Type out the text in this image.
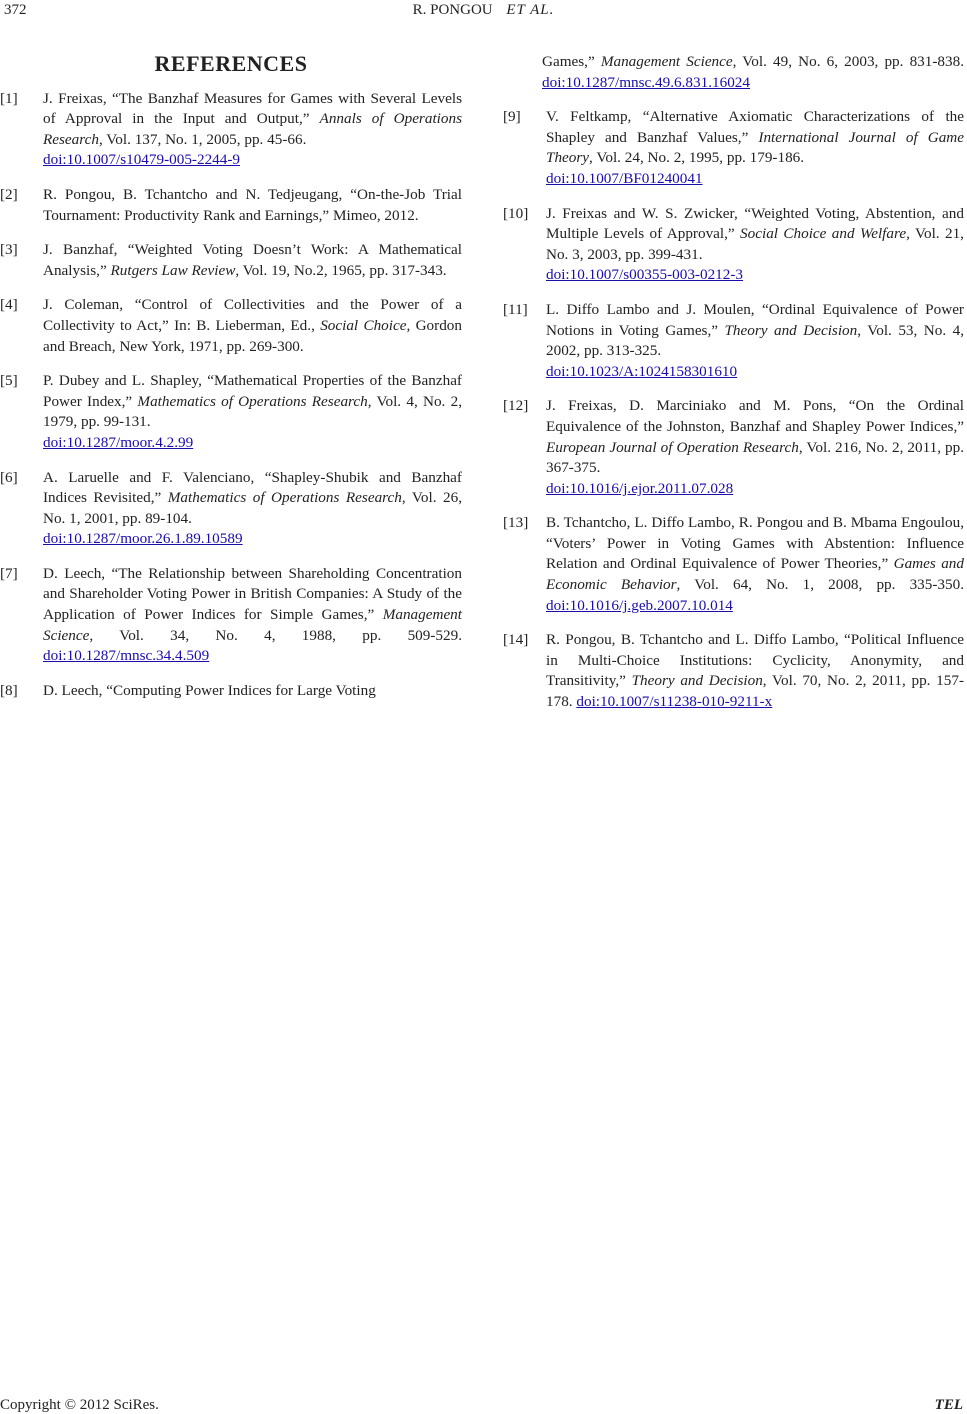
372	R. PONGOU ET AL.
REFERENCES
[1] J. Freixas, “The Banzhaf Measures for Games with Several Levels of Approval in the Input and Output,” Annals of Operations Research, Vol. 137, No. 1, 2005, pp. 45-66.
doi:10.1007/s10479-005-2244-9
[2] R. Pongou, B. Tchantcho and N. Tedjeugang, “On-the-Job Trial Tournament: Productivity Rank and Earnings,” Mimeo, 2012.
[3] J. Banzhaf, “Weighted Voting Doesn’t Work: A Mathematical Analysis,” Rutgers Law Review, Vol. 19, No.2, 1965, pp. 317-343.
[4] J. Coleman, “Control of Collectivities and the Power of a Collectivity to Act,” In: B. Lieberman, Ed., Social Choice, Gordon and Breach, New York, 1971, pp. 269-300.
[5] P. Dubey and L. Shapley, “Mathematical Properties of the Banzhaf Power Index,” Mathematics of Operations Research, Vol. 4, No. 2, 1979, pp. 99-131.
doi:10.1287/moor.4.2.99
[6] A. Laruelle and F. Valenciano, “Shapley-Shubik and Banzhaf Indices Revisited,” Mathematics of Operations Research, Vol. 26, No. 1, 2001, pp. 89-104.
doi:10.1287/moor.26.1.89.10589
[7] D. Leech, “The Relationship between Shareholding Concentration and Shareholder Voting Power in British Companies: A Study of the Application of Power Indices for Simple Games,” Management Science, Vol. 34, No. 4, 1988, pp. 509-529. doi:10.1287/mnsc.34.4.509
[8] D. Leech, “Computing Power Indices for Large Voting
Games,” Management Science, Vol. 49, No. 6, 2003, pp. 831-838. doi:10.1287/mnsc.49.6.831.16024
[9] V. Feltkamp, “Alternative Axiomatic Characterizations of the Shapley and Banzhaf Values,” International Journal of Game Theory, Vol. 24, No. 2, 1995, pp. 179-186.
doi:10.1007/BF01240041
[10] J. Freixas and W. S. Zwicker, “Weighted Voting, Abstention, and Multiple Levels of Approval,” Social Choice and Welfare, Vol. 21, No. 3, 2003, pp. 399-431.
doi:10.1007/s00355-003-0212-3
[11] L. Diffo Lambo and J. Moulen, “Ordinal Equivalence of Power Notions in Voting Games,” Theory and Decision, Vol. 53, No. 4, 2002, pp. 313-325.
doi:10.1023/A:1024158301610
[12] J. Freixas, D. Marciniako and M. Pons, “On the Ordinal Equivalence of the Johnston, Banzhaf and Shapley Power Indices,” European Journal of Operation Research, Vol. 216, No. 2, 2011, pp. 367-375.
doi:10.1016/j.ejor.2011.07.028
[13] B. Tchantcho, L. Diffo Lambo, R. Pongou and B. Mbama Engoulou, “Voters’ Power in Voting Games with Abstention: Influence Relation and Ordinal Equivalence of Power Theories,” Games and Economic Behavior, Vol. 64, No. 1, 2008, pp. 335-350. doi:10.1016/j.geb.2007.10.014
[14] R. Pongou, B. Tchantcho and L. Diffo Lambo, “Political Influence in Multi-Choice Institutions: Cyclicity, Anonymity, and Transitivity,” Theory and Decision, Vol. 70, No. 2, 2011, pp. 157-178. doi:10.1007/s11238-010-9211-x
Copyright © 2012 SciRes.	TEL
